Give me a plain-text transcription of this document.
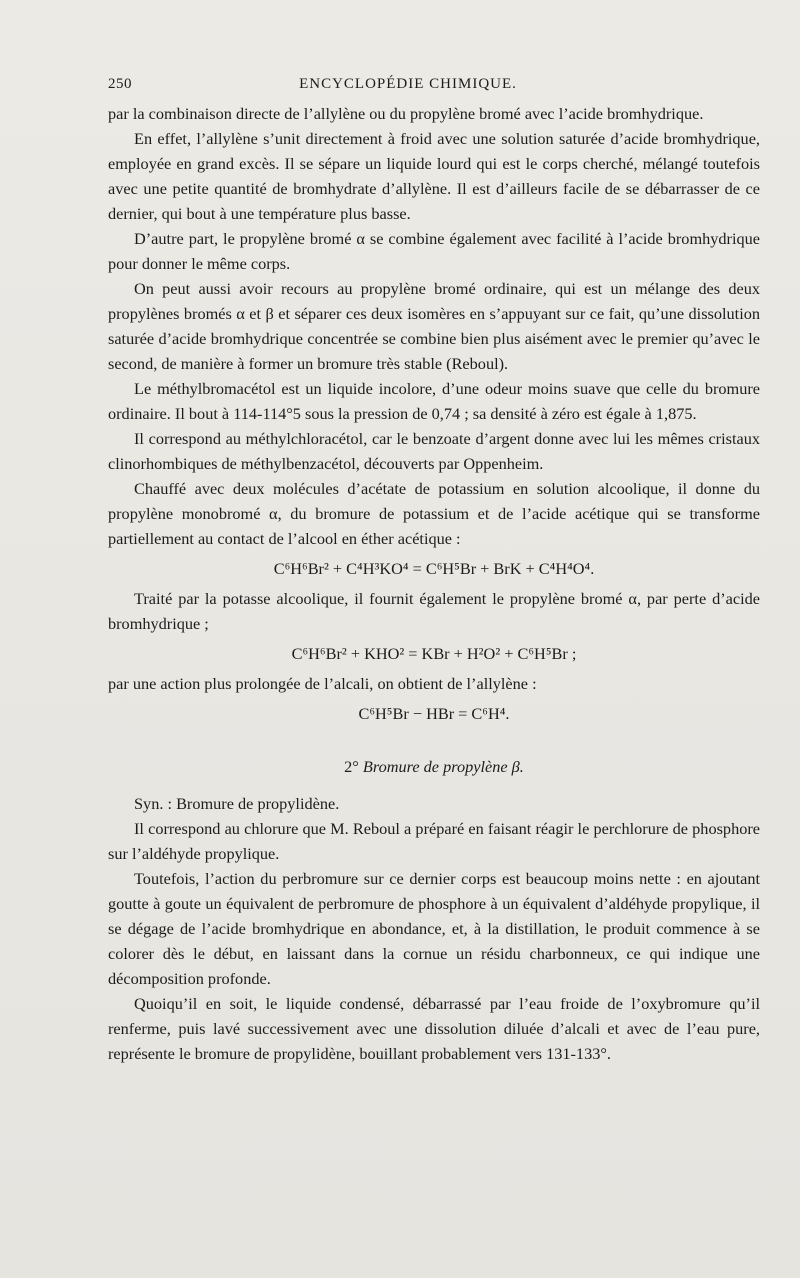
250	ENCYCLOPÉDIE CHIMIQUE.

par la combinaison directe de l’allylène ou du propylène bromé avec l’acide bromhydrique.

En effet, l’allylène s’unit directement à froid avec une solution saturée d’acide bromhydrique, employée en grand excès. Il se sépare un liquide lourd qui est le corps cherché, mélangé toutefois avec une petite quantité de bromhydrate d’allylène. Il est d’ailleurs facile de se débarrasser de ce dernier, qui bout à une température plus basse.

D’autre part, le propylène bromé α se combine également avec facilité à l’acide bromhydrique pour donner le même corps.

On peut aussi avoir recours au propylène bromé ordinaire, qui est un mélange des deux propylènes bromés α et β et séparer ces deux isomères en s’appuyant sur ce fait, qu’une dissolution saturée d’acide bromhydrique concentrée se combine bien plus aisément avec le premier qu’avec le second, de manière à former un bromure très stable (Reboul).

Le méthylbromacétol est un liquide incolore, d’une odeur moins suave que celle du bromure ordinaire. Il bout à 114-114°5 sous la pression de 0,74 ; sa densité à zéro est égale à 1,875.

Il correspond au méthylchloracétol, car le benzoate d’argent donne avec lui les mêmes cristaux clinorhombiques de méthylbenzacétol, découverts par Oppenheim.

Chauffé avec deux molécules d’acétate de potassium en solution alcoolique, il donne du propylène monobromé α, du bromure de potassium et de l’acide acétique qui se transforme partiellement au contact de l’alcool en éther acétique :

C⁶H⁶Br² + C⁴H³KO⁴ = C⁶H⁵Br + BrK + C⁴H⁴O⁴.

Traité par la potasse alcoolique, il fournit également le propylène bromé α, par perte d’acide bromhydrique ;

C⁶H⁶Br² + KHO² = KBr + H²O² + C⁶H⁵Br ;

par une action plus prolongée de l’alcali, on obtient de l’allylène :

C⁶H⁵Br − HBr = C⁶H⁴.

2° Bromure de propylène β.

Syn. : Bromure de propylidène.

Il correspond au chlorure que M. Reboul a préparé en faisant réagir le perchlorure de phosphore sur l’aldéhyde propylique.

Toutefois, l’action du perbromure sur ce dernier corps est beaucoup moins nette : en ajoutant goutte à goute un équivalent de perbromure de phosphore à un équivalent d’aldéhyde propylique, il se dégage de l’acide bromhydrique en abondance, et, à la distillation, le produit commence à se colorer dès le début, en laissant dans la cornue un résidu charbonneux, ce qui indique une décomposition profonde.

Quoiqu’il en soit, le liquide condensé, débarrassé par l’eau froide de l’oxybromure qu’il renferme, puis lavé successivement avec une dissolution diluée d’alcali et avec de l’eau pure, représente le bromure de propylidène, bouillant probablement vers 131-133°.
